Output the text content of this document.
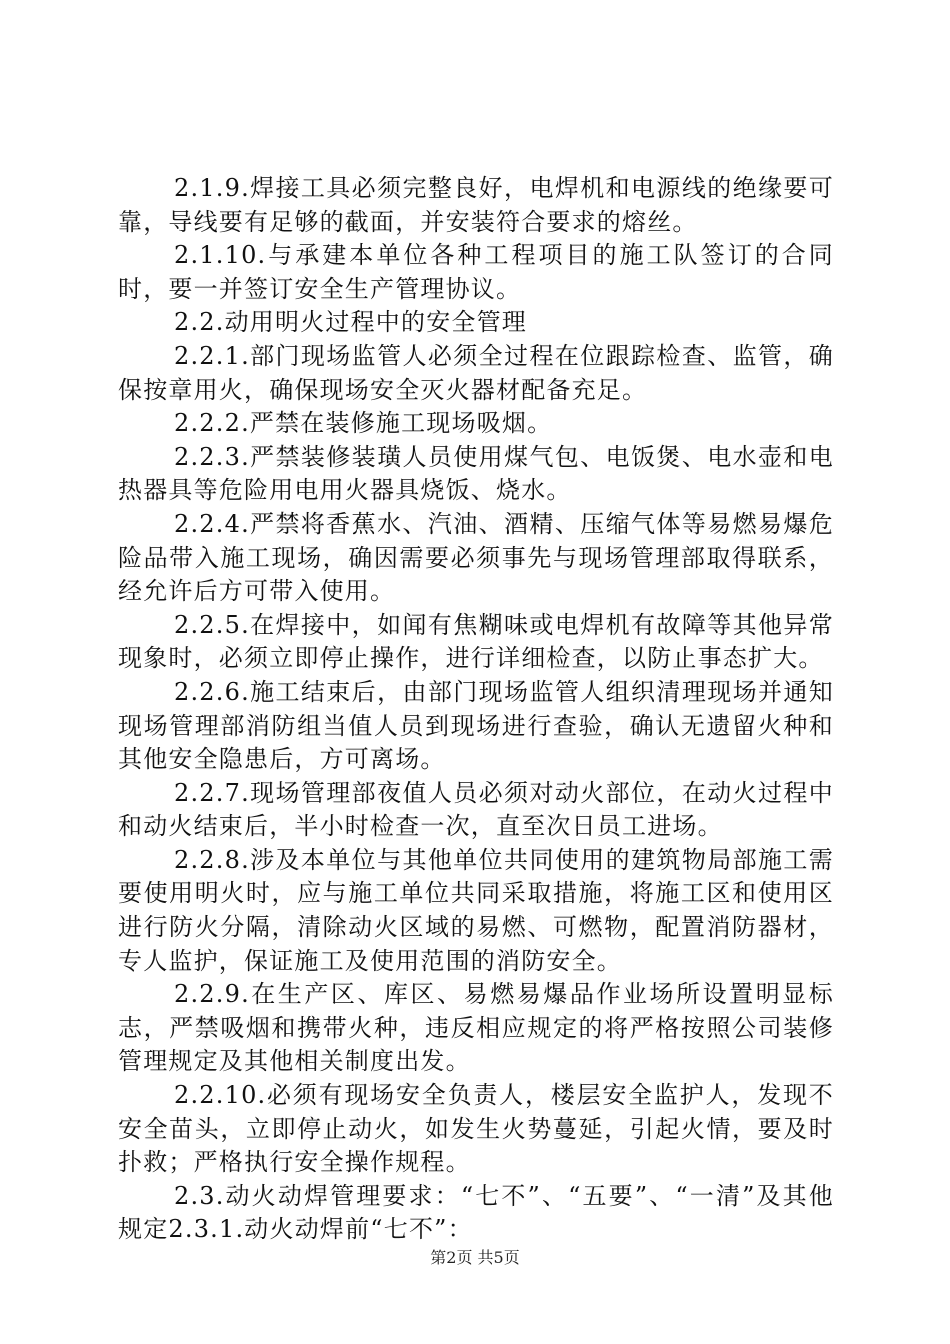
2.1.9.焊接工具必须完整良好，电焊机和电源线的绝缘要可靠，导线要有足够的截面，并安装符合要求的熔丝。

2.1.10.与承建本单位各种工程项目的施工队签订的合同时，要一并签订安全生产管理协议。

2.2.动用明火过程中的安全管理

2.2.1.部门现场监管人必须全过程在位跟踪检查、监管，确保按章用火，确保现场安全灭火器材配备充足。

2.2.2.严禁在装修施工现场吸烟。

2.2.3.严禁装修装璜人员使用煤气包、电饭煲、电水壶和电热器具等危险用电用火器具烧饭、烧水。

2.2.4.严禁将香蕉水、汽油、酒精、压缩气体等易燃易爆危险品带入施工现场，确因需要必须事先与现场管理部取得联系，经允许后方可带入使用。

2.2.5.在焊接中，如闻有焦糊味或电焊机有故障等其他异常现象时，必须立即停止操作，进行详细检查，以防止事态扩大。

2.2.6.施工结束后，由部门现场监管人组织清理现场并通知现场管理部消防组当值人员到现场进行查验，确认无遗留火种和其他安全隐患后，方可离场。

2.2.7.现场管理部夜值人员必须对动火部位，在动火过程中和动火结束后，半小时检查一次，直至次日员工进场。

2.2.8.涉及本单位与其他单位共同使用的建筑物局部施工需要使用明火时，应与施工单位共同采取措施，将施工区和使用区进行防火分隔，清除动火区域的易燃、可燃物，配置消防器材，专人监护，保证施工及使用范围的消防安全。

2.2.9.在生产区、库区、易燃易爆品作业场所设置明显标志，严禁吸烟和携带火种，违反相应规定的将严格按照公司装修管理规定及其他相关制度出发。

2.2.10.必须有现场安全负责人，楼层安全监护人，发现不安全苗头，立即停止动火，如发生火势蔓延，引起火情，要及时扑救；严格执行安全操作规程。

2.3.动火动焊管理要求：“七不”、“五要”、“一清”及其他规定2.3.1.动火动焊前“七不”：

第2页 共5页
